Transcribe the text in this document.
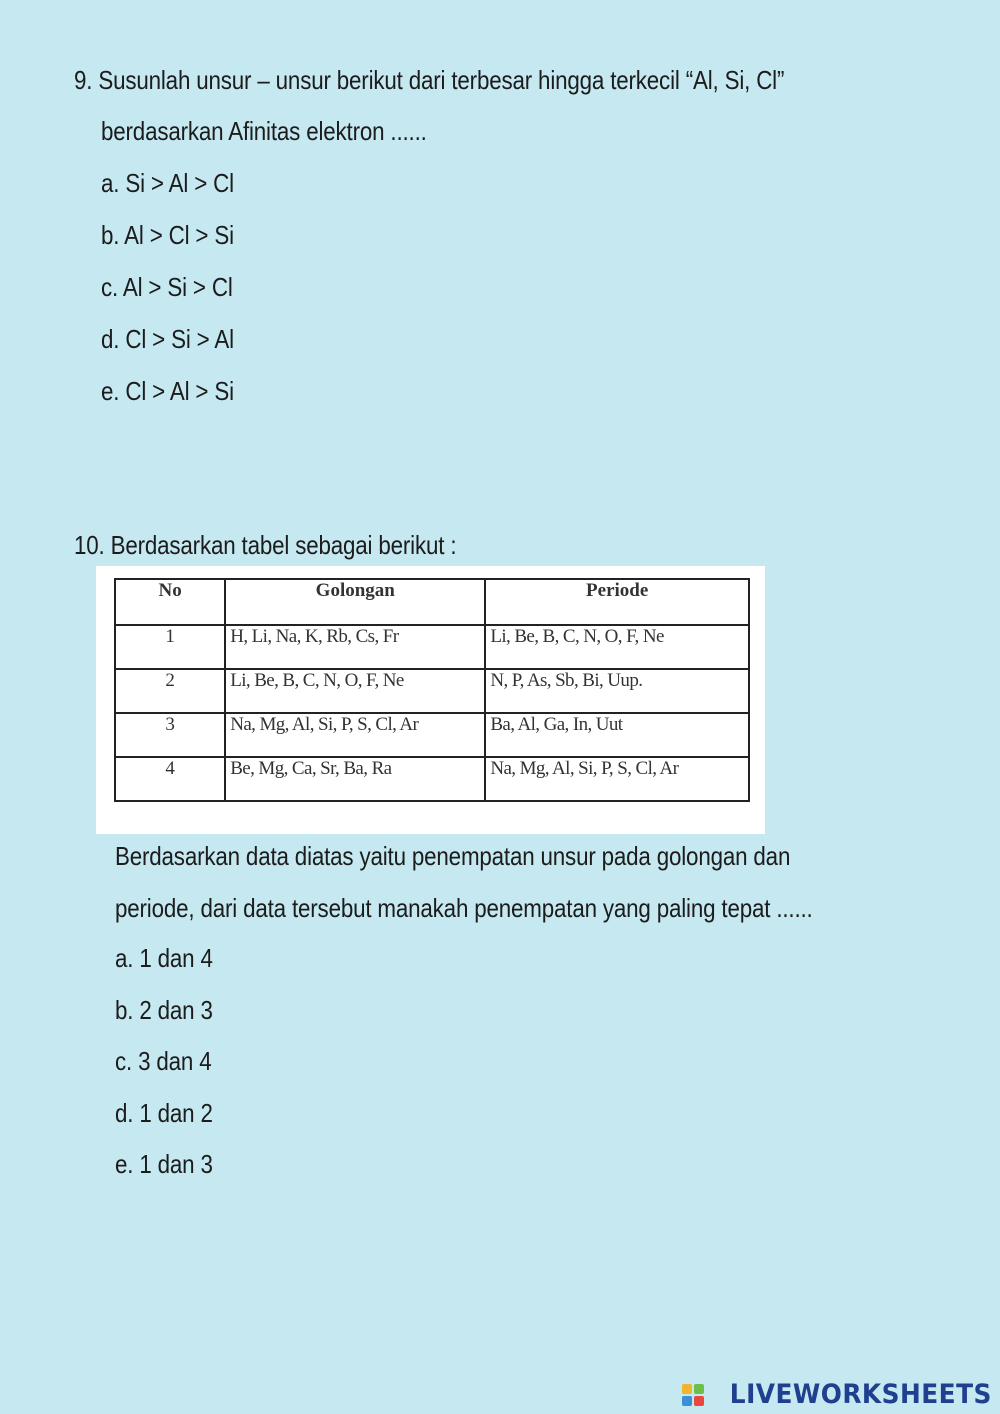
9. Susunlah unsur – unsur berikut dari terbesar hingga terkecil “Al, Si, Cl”
berdasarkan Afinitas elektron ......
a. Si > Al > Cl
b. Al > Cl > Si
c. Al > Si > Cl
d. Cl > Si > Al
e. Cl > Al > Si
10. Berdasarkan tabel sebagai berikut :
No	Golongan	Periode
1	H, Li, Na, K, Rb, Cs, Fr	Li, Be, B, C, N, O, F, Ne
2	Li, Be, B, C, N, O, F, Ne	N, P, As, Sb, Bi, Uup.
3	Na, Mg, Al, Si, P, S, Cl, Ar	Ba, Al, Ga, In, Uut
4	Be, Mg, Ca, Sr, Ba, Ra	Na, Mg, Al, Si, P, S, Cl, Ar
Berdasarkan data diatas yaitu penempatan unsur pada golongan dan
periode, dari data tersebut manakah penempatan yang paling tepat ......
a. 1 dan 4
b. 2 dan 3
c. 3 dan 4
d. 1 dan 2
e. 1 dan 3
LIVEWORKSHEETS
